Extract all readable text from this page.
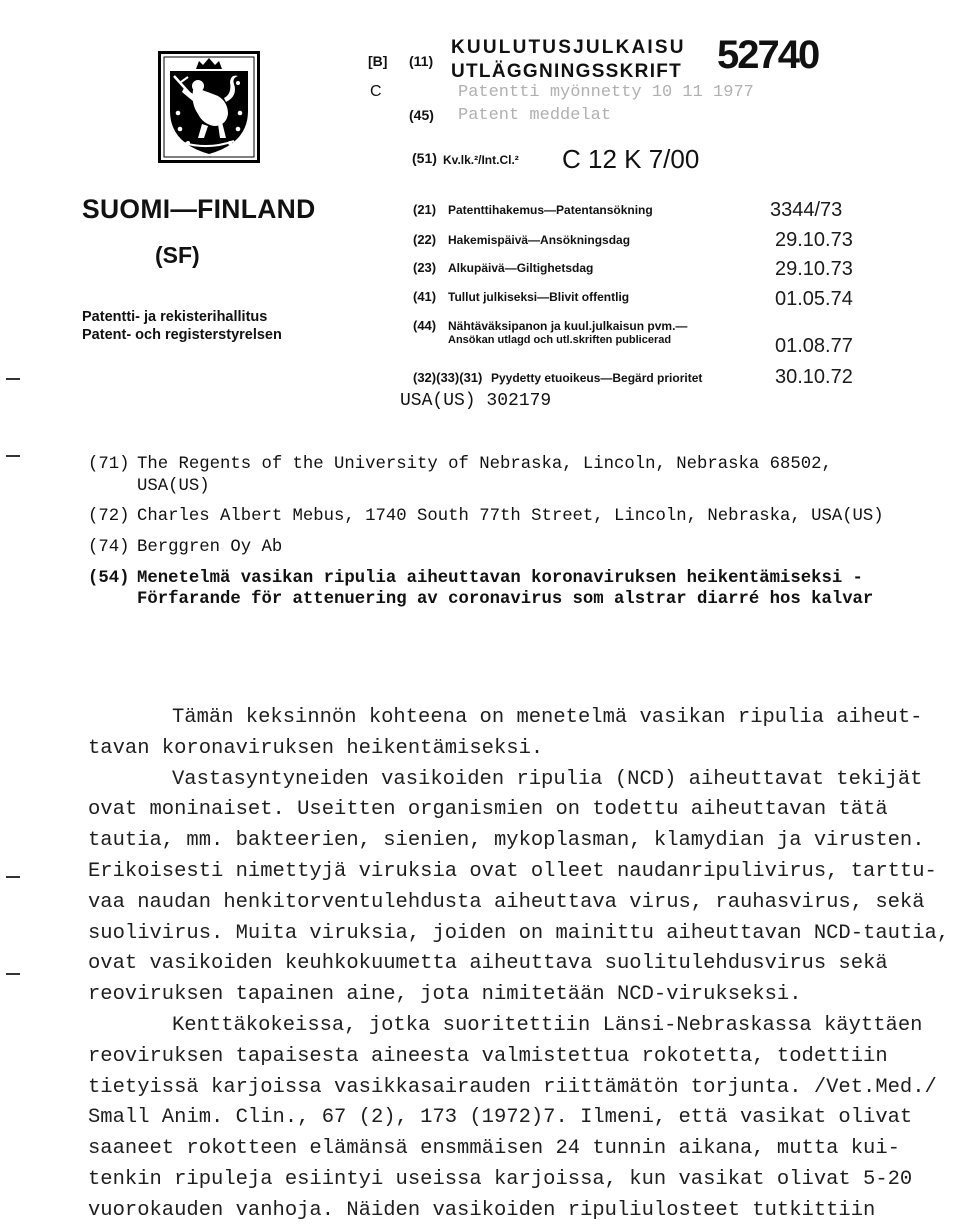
[B] (11)
KUULUTUSJULKAISU
UTLÄGGNINGSSKRIFT 52740
C	Patentti myönnetty 10 11 1977
(45) Patent meddelat
(51) Kv.lk.²/Int.Cl.² C 12 K 7/00
SUOMI—FINLAND
(SF)
Patentti- ja rekisterihallitus
Patent- och registerstyrelsen
(21) Patenttihakemus—Patentansökning	3344/73
(22) Hakemispäivä—Ansökningsdag	29.10.73
(23) Alkupäivä—Giltighetsdag	29.10.73
(41) Tullut julkiseksi—Blivit offentlig	01.05.74
(44) Nähtäväksipanon ja kuul.julkaisun pvm.—
Ansökan utlagd och utl.skriften publicerad	01.08.77
(32)(33)(31) Pyydetty etuoikeus—Begärd prioritet	30.10.72
USA(US) 302179
(71) The Regents of the University of Nebraska, Lincoln, Nebraska 68502,
USA(US)
(72) Charles Albert Mebus, 1740 South 77th Street, Lincoln, Nebraska, USA(US)
(74) Berggren Oy Ab
(54) Menetelmä vasikan ripulia aiheuttavan koronaviruksen heikentämiseksi -
Förfarande för attenuering av coronavirus som alstrar diarré hos kalvar
Tämän keksinnön kohteena on menetelmä vasikan ripulia aiheut-
tavan koronaviruksen heikentämiseksi.
Vastasyntyneiden vasikoiden ripulia (NCD) aiheuttavat tekijät
ovat moninaiset. Useitten organismien on todettu aiheuttavan tätä
tautia, mm. bakteerien, sienien, mykoplasman, klamydian ja virusten.
Erikoisesti nimettyjä viruksia ovat olleet naudanripulivirus, tarttu-
vaa naudan henkitorventulehdusta aiheuttava virus, rauhasvirus, sekä
suolivirus. Muita viruksia, joiden on mainittu aiheuttavan NCD-tautia,
ovat vasikoiden keuhkokuumetta aiheuttava suolitulehdusvirus sekä
reoviruksen tapainen aine, jota nimitetään NCD-virukseksi.
Kenttäkokeissa, jotka suoritettiin Länsi-Nebraskassa käyttäen
reoviruksen tapaisesta aineesta valmistettua rokotetta, todettiin
tietyissä karjoissa vasikkasairauden riittämätön torjunta. /Vet.Med./
Small Anim. Clin., 67 (2), 173 (1972)7. Ilmeni, että vasikat olivat
saaneet rokotteen elämänsä ensmmäisen 24 tunnin aikana, mutta kui-
tenkin ripuleja esiintyi useissa karjoissa, kun vasikat olivat 5-20
vuorokauden vanhoja. Näiden vasikoiden ripuliulosteet tutkittiin
